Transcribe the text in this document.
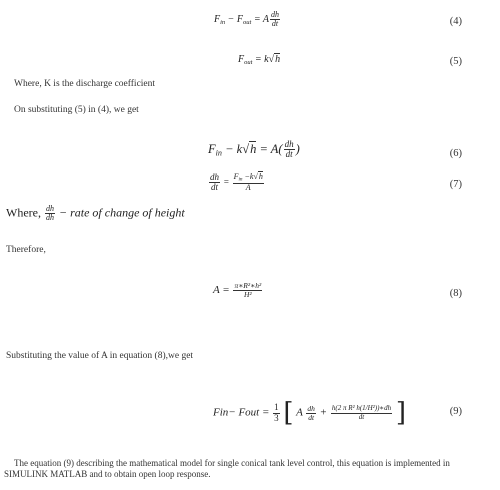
$F_{in} - F_{out} = A \frac{dh}{dt}$	(4)
$F_{out} = k√h$	(5)
Where, K is the discharge coefficient
On substituting (5) in (4), we get
$F_{in} - k√h = A( \frac{dh}{dt}$ )	(6)
$\frac{dh}{dt} = \frac{F_{in} -k√h}{A}$	(7)
Where, $\frac{dh}{dh}$ − rate of change of height
Therefore,
$A = \frac{\text{π∗R²∗h²}}{\text{H²}}$	(8)
Substituting the value of A in equation (8),we get
Fin− Fout = $\frac{1}{3}$ [ A $\frac{dh}{dt} + \frac{\text{h(2 π R² h(1/H²))∗dh}}{dt}$ ]	(9)
The equation (9) describing the mathematical model for single conical tank level control, this equation is implemented in
SIMULINK MATLAB and to obtain open loop response.
